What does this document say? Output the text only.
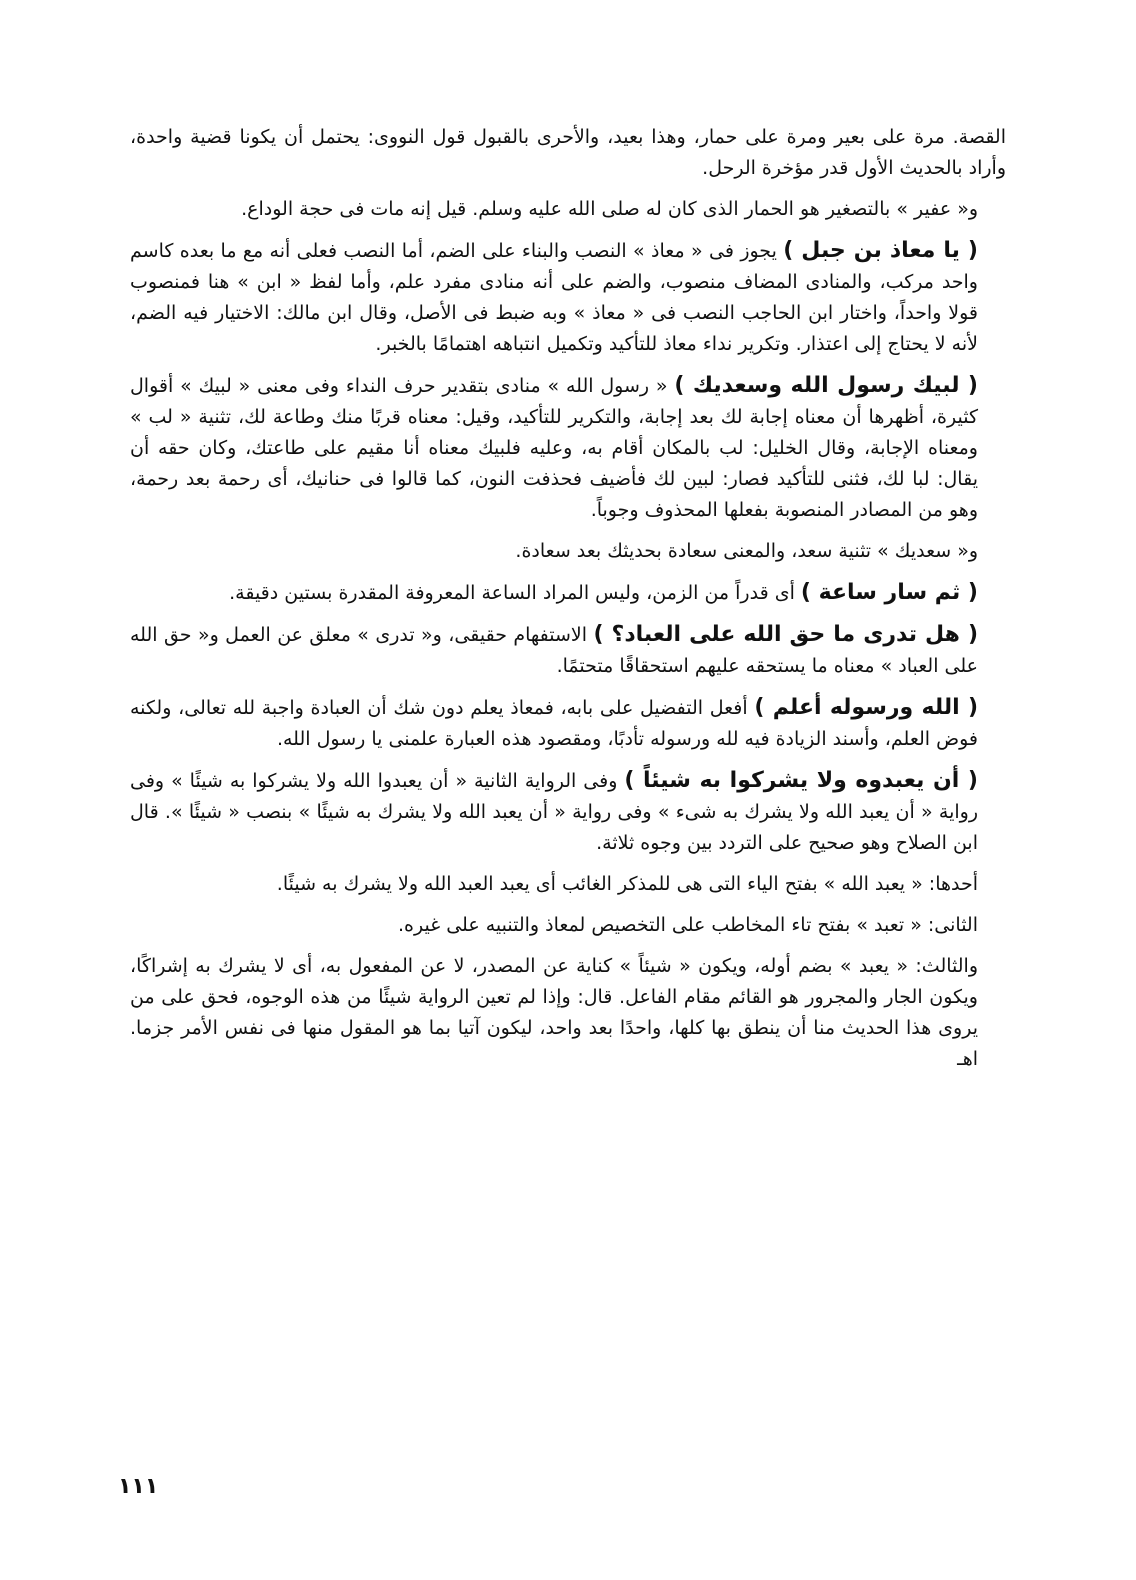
القصة. مرة على بعير ومرة على حمار، وهذا بعيد، والأحرى بالقبول قول النووى: يحتمل أن يكونا قضية واحدة، وأراد بالحديث الأول قدر مؤخرة الرحل.

و« عفير » بالتصغير هو الحمار الذى كان له صلى الله عليه وسلم. قيل إنه مات فى حجة الوداع.

( يا معاذ بن جبل ) يجوز فى « معاذ » النصب والبناء على الضم، أما النصب فعلى أنه مع ما بعده كاسم واحد مركب، والمنادى المضاف منصوب، والضم على أنه منادى مفرد علم، وأما لفظ « ابن » هنا فمنصوب قولا واحداً، واختار ابن الحاجب النصب فى « معاذ » وبه ضبط فى الأصل، وقال ابن مالك: الاختيار فيه الضم، لأنه لا يحتاج إلى اعتذار. وتكرير نداء معاذ للتأكيد وتكميل انتباهه اهتمامًا بالخبر.

( لبيك رسول الله وسعديك ) « رسول الله » منادى بتقدير حرف النداء وفى معنى « لبيك » أقوال كثيرة، أظهرها أن معناه إجابة لك بعد إجابة، والتكرير للتأكيد، وقيل: معناه قربًا منك وطاعة لك، تثنية « لب » ومعناه الإجابة، وقال الخليل: لب بالمكان أقام به، وعليه فلبيك معناه أنا مقيم على طاعتك، وكان حقه أن يقال: لبا لك، فثنى للتأكيد فصار: لبين لك فأضيف فحذفت النون، كما قالوا فى حنانيك، أى رحمة بعد رحمة، وهو من المصادر المنصوبة بفعلها المحذوف وجوباً.

و« سعديك » تثنية سعد، والمعنى سعادة بحديثك بعد سعادة.

( ثم سار ساعة ) أى قدراً من الزمن، وليس المراد الساعة المعروفة المقدرة بستين دقيقة.

( هل تدرى ما حق الله على العباد؟ ) الاستفهام حقيقى، و« تدرى » معلق عن العمل و« حق الله على العباد » معناه ما يستحقه عليهم استحقاقًا متحتمًا.

( الله ورسوله أعلم ) أفعل التفضيل على بابه، فمعاذ يعلم دون شك أن العبادة واجبة لله تعالى، ولكنه فوض العلم، وأسند الزيادة فيه لله ورسوله تأدبًا، ومقصود هذه العبارة علمنى يا رسول الله.

( أن يعبدوه ولا يشركوا به شيئاً ) وفى الرواية الثانية « أن يعبدوا الله ولا يشركوا به شيئًا » وفى رواية « أن يعبد الله ولا يشرك به شىء » وفى رواية « أن يعبد الله ولا يشرك به شيئًا » بنصب « شيئًا ». قال ابن الصلاح وهو صحيح على التردد بين وجوه ثلاثة.

أحدها: « يعبد الله » بفتح الياء التى هى للمذكر الغائب أى يعبد العبد الله ولا يشرك به شيئًا.

الثانى: « تعبد » بفتح تاء المخاطب على التخصيص لمعاذ والتنبيه على غيره.

والثالث: « يعبد » بضم أوله، ويكون « شيئاً » كناية عن المصدر، لا عن المفعول به، أى لا يشرك به إشراكًا، ويكون الجار والمجرور هو القائم مقام الفاعل. قال: وإذا لم تعين الرواية شيئًا من هذه الوجوه، فحق على من يروى هذا الحديث منا أن ينطق بها كلها، واحدًا بعد واحد، ليكون آتيا بما هو المقول منها فى نفس الأمر جزما. اهـ

١١١
